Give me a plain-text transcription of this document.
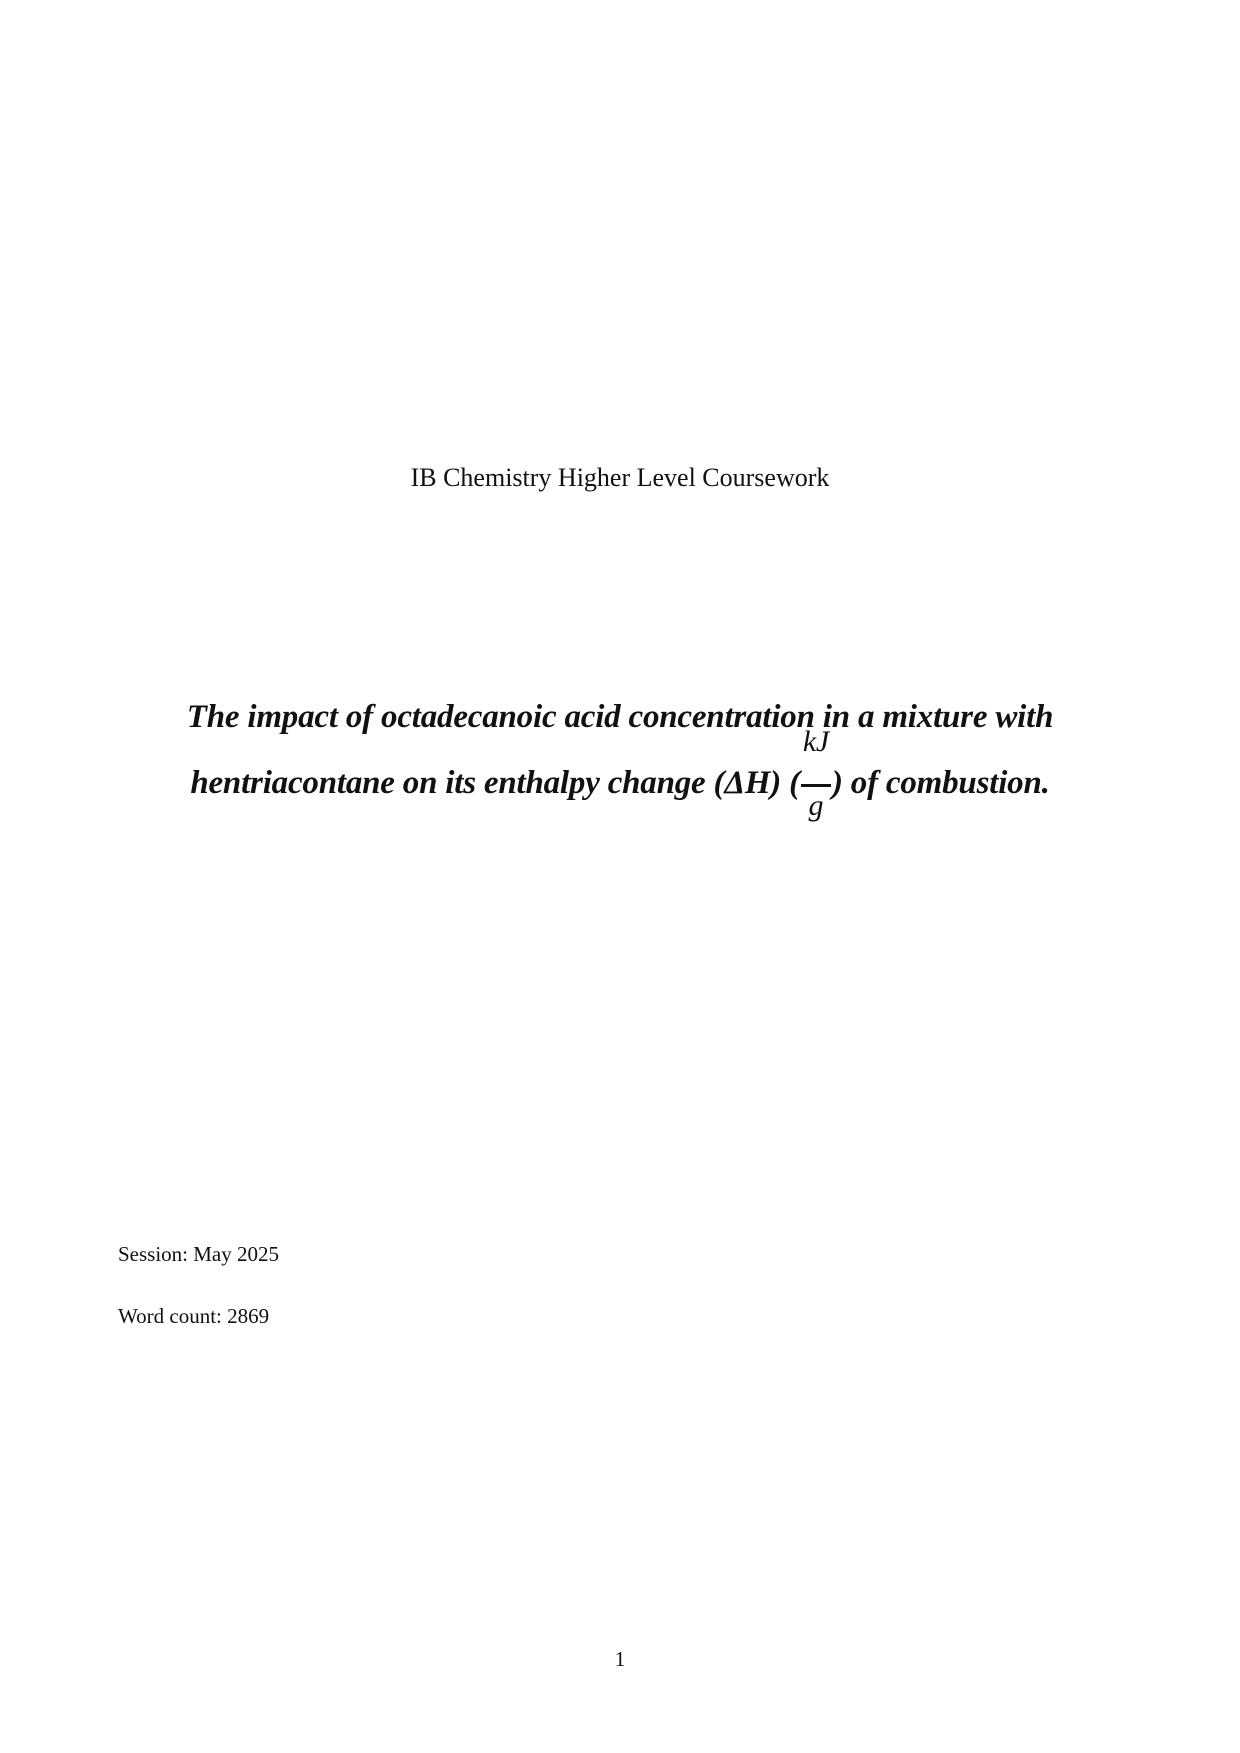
IB Chemistry Higher Level Coursework
The impact of octadecanoic acid concentration in a mixture with
hentriacontane on its enthalpy change (ΔH) ( $\frac{kJ}{g}$ ) of combustion.
Session: May 2025
Word count: 2869
1
